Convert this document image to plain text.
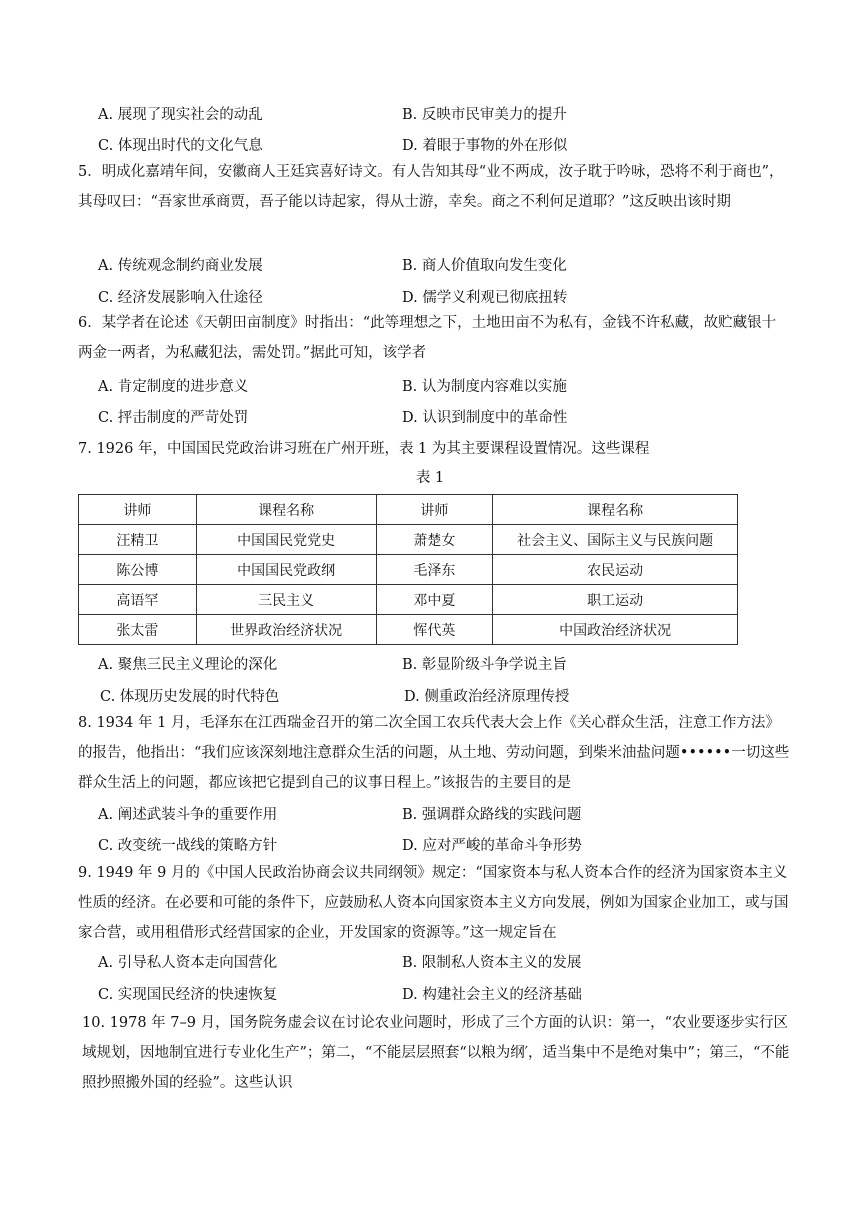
A. 展现了现实社会的动乱	B. 反映市民审美力的提升
C. 体现出时代的文化气息	D. 着眼于事物的外在形似
5．明成化嘉靖年间，安徽商人王廷宾喜好诗文。有人告知其母“业不两成，汝子耽于吟咏，恐将不利于商也”，其母叹曰：“吾家世承商贾，吾子能以诗起家，得从士游，幸矣。商之不利何足道耶？”这反映出该时期
A. 传统观念制约商业发展	B. 商人价值取向发生变化
C. 经济发展影响入仕途径	D. 儒学义利观已彻底扭转
6．某学者在论述《天朝田亩制度》时指出：“此等理想之下，土地田亩不为私有，金钱不许私藏，故贮藏银十两金一两者，为私藏犯法，需处罚。”据此可知，该学者
A. 肯定制度的进步意义	B. 认为制度内容难以实施
C. 抨击制度的严苛处罚	D. 认识到制度中的革命性
7. 1926 年，中国国民党政治讲习班在广州开班，表 1 为其主要课程设置情况。这些课程
表 1
讲师	课程名称	讲师	课程名称
汪精卫	中国国民党党史	萧楚女	社会主义、国际主义与民族问题
陈公博	中国国民党政纲	毛泽东	农民运动
高语罕	三民主义	邓中夏	职工运动
张太雷	世界政治经济状况	恽代英	中国政治经济状况
A. 聚焦三民主义理论的深化	B. 彰显阶级斗争学说主旨
C. 体现历史发展的时代特色	D. 侧重政治经济原理传授
8. 1934 年 1 月，毛泽东在江西瑞金召开的第二次全国工农兵代表大会上作《关心群众生活，注意工作方法》的报告，他指出：“我们应该深刻地注意群众生活的问题，从土地、劳动问题，到柴米油盐问题••••••一切这些群众生活上的问题，都应该把它提到自己的议事日程上。”该报告的主要目的是
A. 阐述武装斗争的重要作用	B. 强调群众路线的实践问题
C. 改变统一战线的策略方针	D. 应对严峻的革命斗争形势
9. 1949 年 9 月的《中国人民政治协商会议共同纲领》规定：“国家资本与私人资本合作的经济为国家资本主义性质的经济。在必要和可能的条件下，应鼓励私人资本向国家资本主义方向发展，例如为国家企业加工，或与国家合营，或用租借形式经营国家的企业，开发国家的资源等。”这一规定旨在
A. 引导私人资本走向国营化	B. 限制私人资本主义的发展
C. 实现国民经济的快速恢复	D. 构建社会主义的经济基础
10. 1978 年 7–9 月，国务院务虚会议在讨论农业问题时，形成了三个方面的认识：第一，“农业要逐步实行区域规划，因地制宜进行专业化生产”；第二，“不能层层照套“以粮为纲′，适当集中不是绝对集中”；第三，“不能照抄照搬外国的经验”。这些认识
